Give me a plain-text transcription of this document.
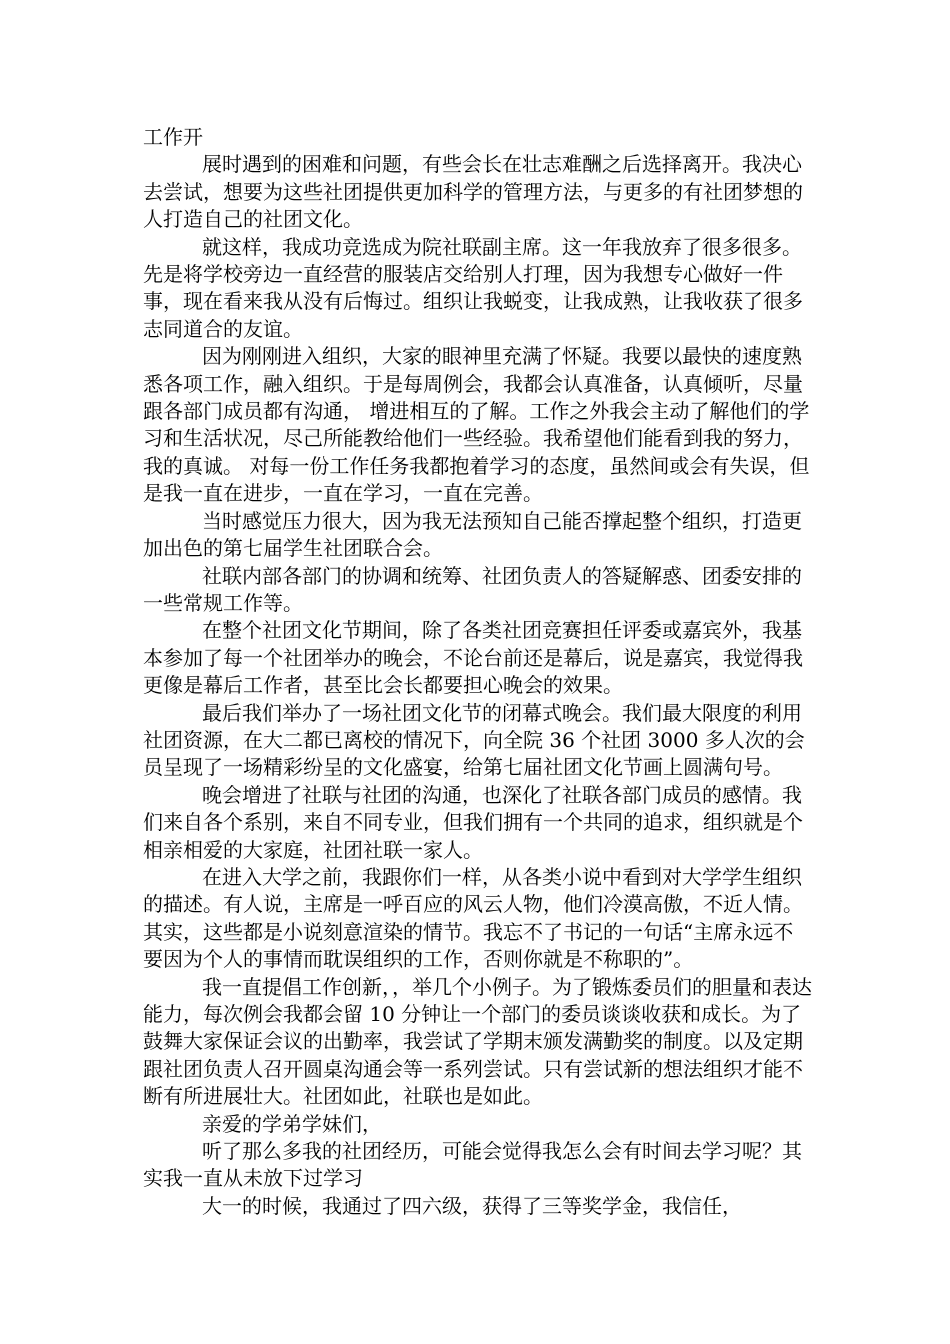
工作开

展时遇到的困难和问题，有些会长在壮志难酬之后选择离开。我决心去尝试，想要为这些社团提供更加科学的管理方法，与更多的有社团梦想的人打造自己的社团文化。

就这样，我成功竞选成为院社联副主席。这一年我放弃了很多很多。先是将学校旁边一直经营的服装店交给别人打理，因为我想专心做好一件事，现在看来我从没有后悔过。组织让我蜕变，让我成熟，让我收获了很多志同道合的友谊。

因为刚刚进入组织，大家的眼神里充满了怀疑。我要以最快的速度熟悉各项工作，融入组织。于是每周例会，我都会认真准备，认真倾听，尽量跟各部门成员都有沟通， 增进相互的了解。工作之外我会主动了解他们的学习和生活状况，尽己所能教给他们一些经验。我希望他们能看到我的努力，我的真诚。 对每一份工作任务我都抱着学习的态度，虽然间或会有失误，但是我一直在进步，一直在学习，一直在完善。

当时感觉压力很大，因为我无法预知自己能否撑起整个组织，打造更加出色的第七届学生社团联合会。

社联内部各部门的协调和统筹、社团负责人的答疑解惑、团委安排的一些常规工作等。

在整个社团文化节期间，除了各类社团竞赛担任评委或嘉宾外，我基本参加了每一个社团举办的晚会，不论台前还是幕后，说是嘉宾，我觉得我更像是幕后工作者，甚至比会长都要担心晚会的效果。

最后我们举办了一场社团文化节的闭幕式晚会。我们最大限度的利用社团资源，在大二都已离校的情况下，向全院 36 个社团 3000 多人次的会员呈现了一场精彩纷呈的文化盛宴，给第七届社团文化节画上圆满句号。

晚会增进了社联与社团的沟通，也深化了社联各部门成员的感情。我们来自各个系别，来自不同专业，但我们拥有一个共同的追求，组织就是个相亲相爱的大家庭，社团社联一家人。

在进入大学之前，我跟你们一样，从各类小说中看到对大学学生组织的描述。有人说，主席是一呼百应的风云人物，他们冷漠高傲，不近人情。其实，这些都是小说刻意渲染的情节。我忘不了书记的一句话“主席永远不要因为个人的事情而耽误组织的工作，否则你就是不称职的”。

我一直提倡工作创新，，举几个小例子。为了锻炼委员们的胆量和表达能力，每次例会我都会留 10 分钟让一个部门的委员谈谈收获和成长。为了鼓舞大家保证会议的出勤率，我尝试了学期末颁发满勤奖的制度。以及定期跟社团负责人召开圆桌沟通会等一系列尝试。只有尝试新的想法组织才能不断有所进展壮大。社团如此，社联也是如此。

亲爱的学弟学妹们，

听了那么多我的社团经历，可能会觉得我怎么会有时间去学习呢？其实我一直从未放下过学习

大一的时候，我通过了四六级，获得了三等奖学金，我信任，
